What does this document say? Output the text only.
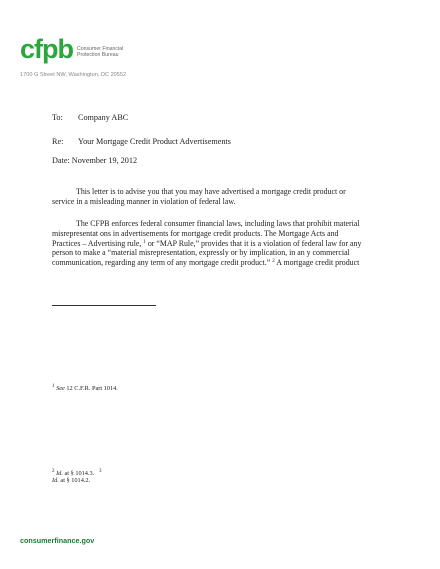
cfpb Consumer Financial
Protection Bureau
1700 G Street NW, Washington, DC 20552
To: Company ABC
Re: Your Mortgage Credit Product Advertisements
Date: November 19, 2012
This letter is to advise you that you may have advertised a mortgage credit product or
service in a misleading manner in violation of federal law.
The CFPB enforces federal consumer financial laws, including laws that prohibit material
misrepresentat ons in advertisements for mortgage credit products. The Mortgage Acts and
Practices – Advertising rule, $^1$ or “MAP Rule,” provides that it is a violation of federal law for any
person to make a “material misrepresentation, expressly or by implication, in an y commercial
communication, regarding any term of any mortgage credit product.” $^2$ A mortgage credit product
$^1$ See 12 C.F.R. Part 1014.
$^2$ Id. at § 1014.3. $^3$
Id. at § 1014.2.
consumerfinance.gov
